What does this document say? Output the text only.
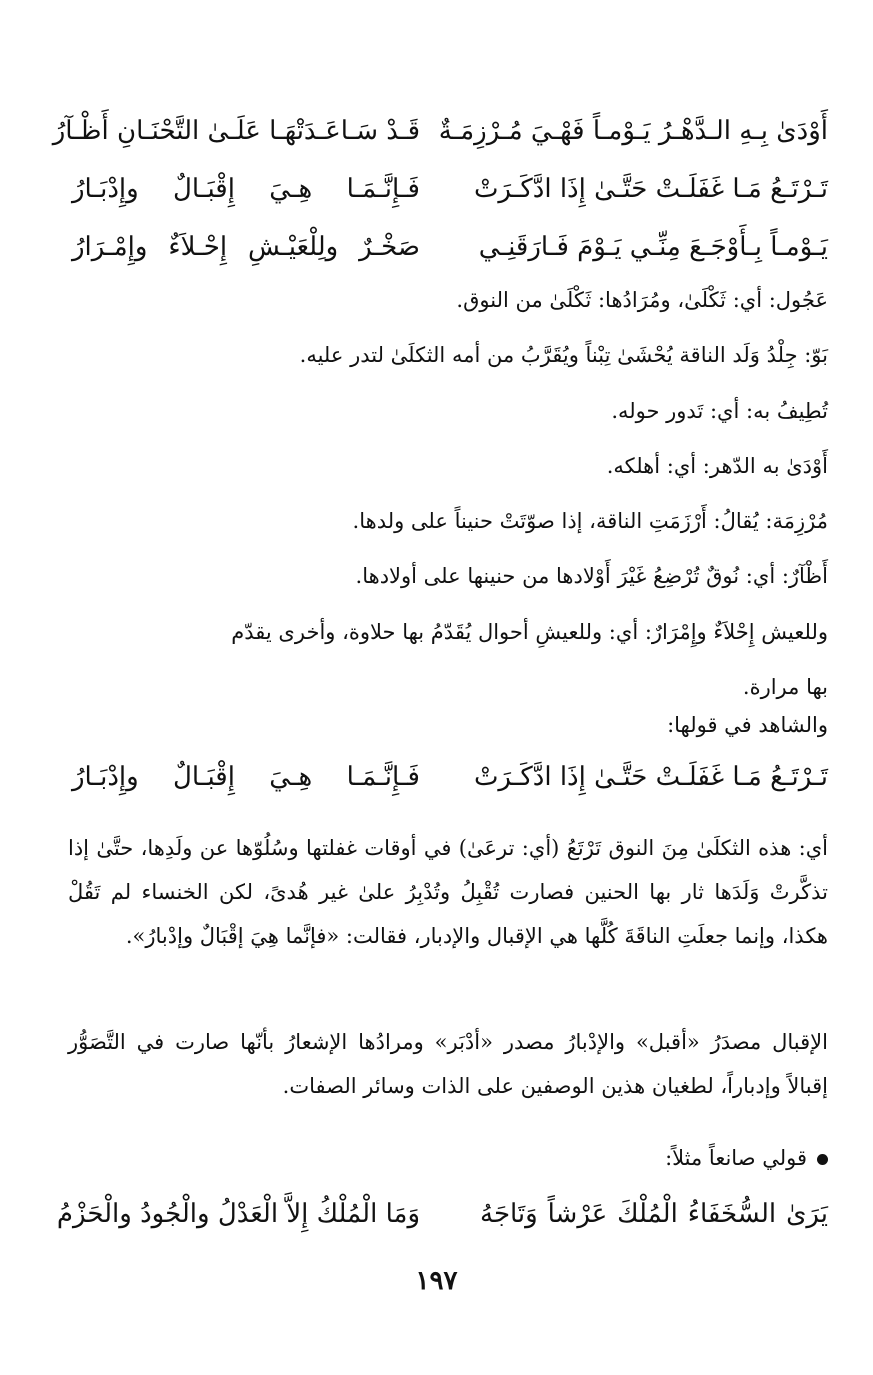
أَوْدَىٰ بِـهِ الـدَّهْـرُ يَـوْمـاً فَهْـيَ مُـرْزِمَـةٌ
قَـدْ سَـاعَـدَتْهَـا عَلَـىٰ التَّحْنَـانِ أَظْـآرُ
تَـرْتَـعُ مَـا غَفَلَـتْ حَتَّـىٰ إِذَا ادَّكَـرَتْ
فَـإِنَّـمَـا هِـيَ إِقْبَـالٌ وإِدْبَـارُ
يَـوْمـاً بِـأَوْجَـعَ مِنِّـي يَـوْمَ فَـارَقَنِـي
صَخْـرٌ ولِلْعَيْـشِ إِحْـلاَءٌ وإِمْـرَارُ
عَجُول: أي: ثَكْلَىٰ، ومُرَادُها: ثَكْلَىٰ من النوق.
بَوّ: جِلْدُ وَلَد الناقة يُحْشَىٰ تِبْناً ويُقَرَّبُ من أمه الثكلَىٰ لتدر عليه.
تُطِيفُ به: أي: تَدور حوله.
أَوْدَىٰ به الدّهر: أي: أهلكه.
مُرْزِمَة: يُقالُ: أَرْزَمَتِ الناقة، إذا صوّتَتْ حنيناً على ولدها.
أَظْآرٌ: أي: نُوقٌ تُرْضِعُ غَيْرَ أَوْلادها من حنينها على أولادها.
وللعيش إِحْلاَءٌ وإِمْرَارٌ: أي: وللعيشِ أحوال يُقَدّمُ بها حلاوة، وأخرى يقدّم
بها مرارة.
والشاهد في قولها:
تَـرْتَـعُ مَـا غَفَلَـتْ حَتَّـىٰ إِذَا ادَّكَـرَتْ
فَـإِنَّـمَـا هِـيَ إِقْبَـالٌ وإِدْبَـارُ
أي: هذه الثكلَىٰ مِنَ النوق تَرْتَعُ (أي: ترعَىٰ) في أوقات غفلتها وسُلُوّها عن ولَدِها، حتَّىٰ إذا تذكَّرتْ وَلَدَها ثار بها الحنين فصارت تُقْبِلُ وتُدْبِرُ علىٰ غير هُدىً، لكن الخنساء لم تَقُلْ هكذا، وإنما جعلَتِ الناقَةَ كُلَّها هي الإقبال والإدبار، فقالت: «فإنَّما هِيَ إقْبَالٌ وإدْبارُ».
الإقبال مصدَرُ «أقبل» والإدْبارُ مصدر «أدْبَر» ومرادُها الإشعارُ بأنّها صارت في التَّصَوُّر إقبالاً وإدباراً، لطغيان هذين الوصفين على الذات وسائر الصفات.
قولي صانعاً مثلاً:
يَرَىٰ السُّخَفَاءُ الْمُلْكَ عَرْشاً وَتَاجَهُ
وَمَا الْمُلْكُ إِلاَّ الْعَدْلُ والْجُودُ والْحَزْمُ
١٩٧
